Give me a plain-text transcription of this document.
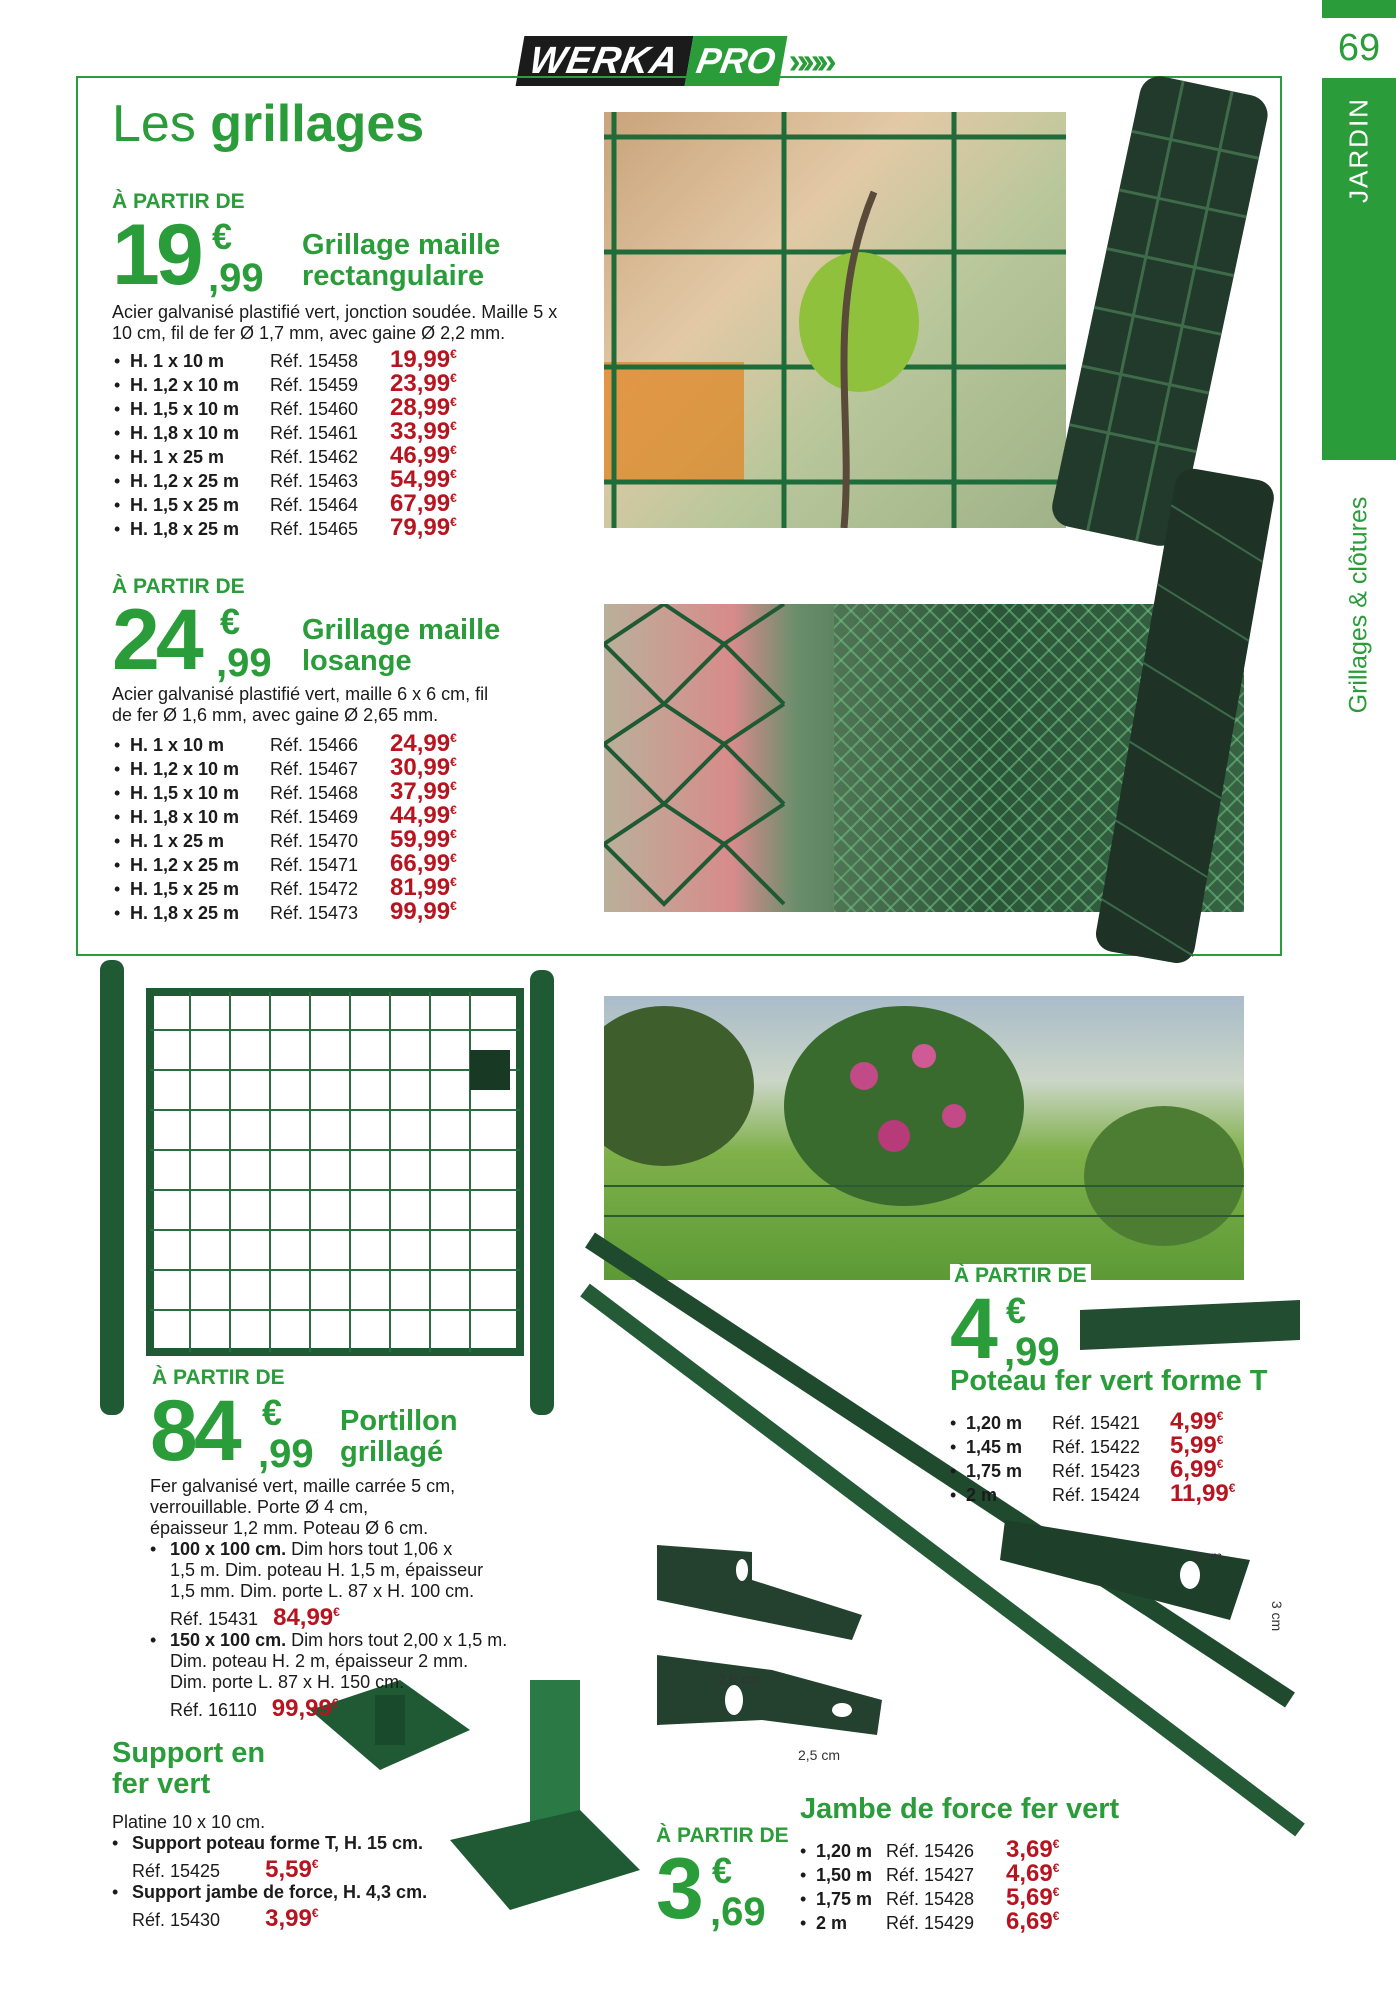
69
JARDIN
Grillages & clôtures
WERKA PRO »»»
Les grillages
À PARTIR DE
19 €
,99
Grillage maille
rectangulaire
Acier galvanisé plastifié vert, jonction soudée. Maille 5 x
10 cm, fil de fer Ø 1,7 mm, avec gaine Ø 2,2 mm.
• H. 1 x 10 m	Réf. 15458	19,99€
• H. 1,2 x 10 m	Réf. 15459	23,99€
• H. 1,5 x 10 m	Réf. 15460	28,99€
• H. 1,8 x 10 m	Réf. 15461	33,99€
• H. 1 x 25 m	Réf. 15462	46,99€
• H. 1,2 x 25 m	Réf. 15463	54,99€
• H. 1,5 x 25 m	Réf. 15464	67,99€
• H. 1,8 x 25 m	Réf. 15465	79,99€
À PARTIR DE
24 €
,99
Grillage maille
losange
Acier galvanisé plastifié vert, maille 6 x 6 cm, fil
de fer Ø 1,6 mm, avec gaine Ø 2,65 mm.
• H. 1 x 10 m	Réf. 15466	24,99€
• H. 1,2 x 10 m	Réf. 15467	30,99€
• H. 1,5 x 10 m	Réf. 15468	37,99€
• H. 1,8 x 10 m	Réf. 15469	44,99€
• H. 1 x 25 m	Réf. 15470	59,99€
• H. 1,2 x 25 m	Réf. 15471	66,99€
• H. 1,5 x 25 m	Réf. 15472	81,99€
• H. 1,8 x 25 m	Réf. 15473	99,99€
3 cm
3 cm
2,5 cm
2,5 cm
À PARTIR DE
84 €
,99
Portillon
grillagé
Fer galvanisé vert, maille carrée 5 cm,
verrouillable. Porte Ø 4 cm,
épaisseur 1,2 mm. Poteau Ø 6 cm.
• 100 x 100 cm. Dim hors tout 1,06 x
1,5 m. Dim. poteau H. 1,5 m, épaisseur
1,5 mm. Dim. porte L. 87 x H. 100 cm.
Réf. 15431 84,99€
• 150 x 100 cm. Dim hors tout 2,00 x 1,5 m.
Dim. poteau H. 2 m, épaisseur 2 mm.
Dim. porte L. 87 x H. 150 cm.
Réf. 16110 99,99€
À PARTIR DE
4 €
,99
Poteau fer vert forme T
• 1,20 m	Réf. 15421	4,99€
• 1,45 m	Réf. 15422	5,99€
• 1,75 m	Réf. 15423	6,99€
• 2 m	Réf. 15424	11,99€
Support en
fer vert
Platine 10 x 10 cm.
• Support poteau forme T, H. 15 cm.
Réf. 15425 5,59€
• Support jambe de force, H. 4,3 cm.
Réf. 15430 3,99€
À PARTIR DE
3 €
,69
Jambe de force fer vert
• 1,20 m Réf. 15426	3,69€
• 1,50 m Réf. 15427	4,69€
• 1,75 m Réf. 15428	5,69€
• 2 m	Réf. 15429	6,69€
